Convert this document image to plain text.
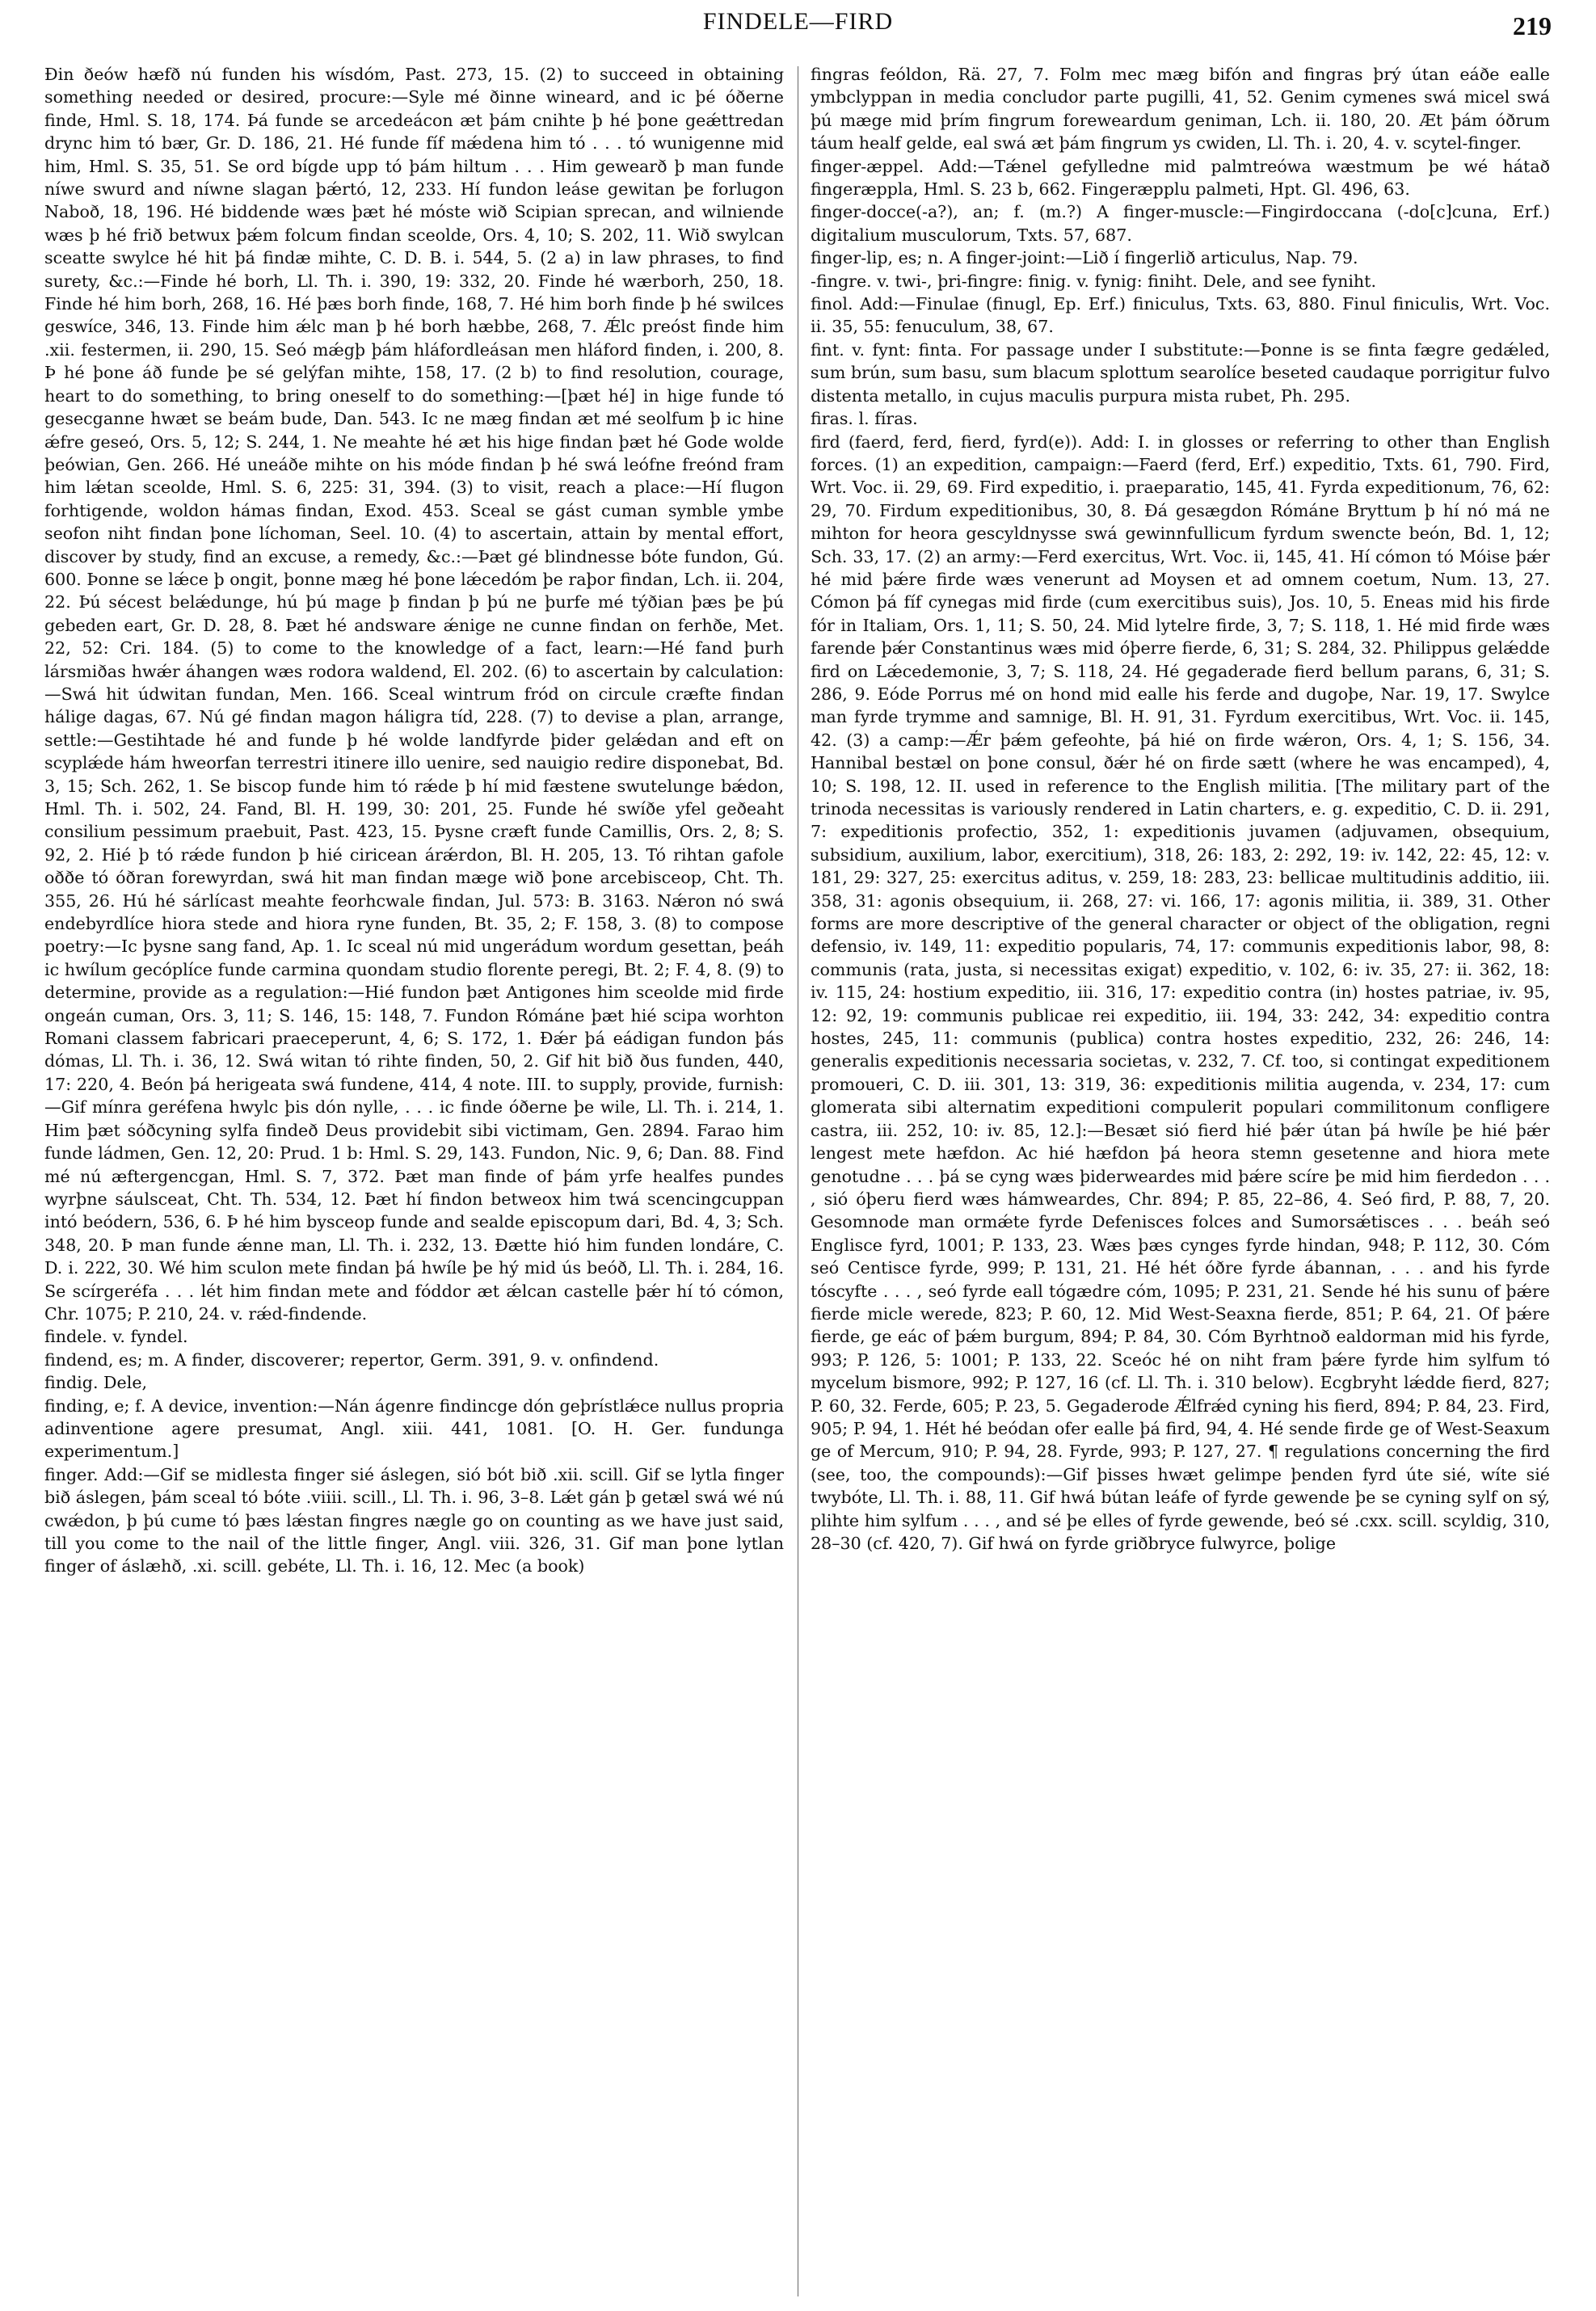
FINDELE—FIRD	219

Ðin ðeów hæfð nú funden his wísdóm, Past. 273, 15. (2) to succeed in obtaining something needed or desired, procure:—Syle mé ðinne wineard, and ic þé óðerne finde, Hml. S. 18, 174. Þá funde se arcedeácon æt þám cnihte þ hé þone geǽttredan drync him tó bær, Gr. D. 186, 21. Hé funde fíf mǽdena him tó . . . tó wunigenne mid him, Hml. S. 35, 51. Se ord bígde upp tó þám hiltum . . . Him gewearð þ man funde níwe swurd and níwne slagan þǽrtó, 12, 233. Hí fundon leáse gewitan þe forlugon Naboð, 18, 196. Hé biddende wæs þæt hé móste wið Scipian sprecan, and wilniende wæs þ hé frið betwux þǽm folcum findan sceolde, Ors. 4, 10; S. 202, 11. Wið swylcan sceatte swylce hé hit þá findæ mihte, C. D. B. i. 544, 5. (2 a) in law phrases, to find surety, &c.:—Finde hé borh, Ll. Th. i. 390, 19: 332, 20. Finde hé wærborh, 250, 18. Finde hé him borh, 268, 16. Hé þæs borh finde, 168, 7. Hé him borh finde þ hé swilces geswíce, 346, 13. Finde him ǽlc man þ hé borh hæbbe, 268, 7. Ǽlc preóst finde him .xii. festermen, ii. 290, 15. Seó mǽgþ þám hláfordleásan men hláford finden, i. 200, 8. Þ hé þone áð funde þe sé gelýfan mihte, 158, 17. (2 b) to find resolution, courage, heart to do something, to bring oneself to do something:—[þæt hé] in hige funde tó gesecganne hwæt se beám bude, Dan. 543. Ic ne mæg findan æt mé seolfum þ ic hine ǽfre geseó, Ors. 5, 12; S. 244, 1. Ne meahte hé æt his hige findan þæt hé Gode wolde þeówian, Gen. 266. Hé uneáðe mihte on his móde findan þ hé swá leófne freónd fram him lǽtan sceolde, Hml. S. 6, 225: 31, 394. (3) to visit, reach a place:—Hí flugon forhtigende, woldon hámas findan, Exod. 453. Sceal se gást cuman symble ymbe seofon niht findan þone líchoman, Seel. 10. (4) to ascertain, attain by mental effort, discover by study, find an excuse, a remedy, &c.:—Þæt gé blindnesse bóte fundon, Gú. 600. Þonne se lǽce þ ongit, þonne mæg hé þone lǽcedóm þe raþor findan, Lch. ii. 204, 22. Þú sécest belǽdunge, hú þú mage þ findan þ þú ne þurfe mé týðian þæs þe þú gebeden eart, Gr. D. 28, 8. Þæt hé andsware ǽnige ne cunne findan on ferhðe, Met. 22, 52: Cri. 184. (5) to come to the knowledge of a fact, learn:—Hé fand þurh lársmiðas hwǽr áhangen wæs rodora waldend, El. 202. (6) to ascertain by calculation:—Swá hit údwitan fundan, Men. 166. Sceal wintrum fród on circule cræfte findan hálige dagas, 67. Nú gé findan magon háligra tíd, 228. (7) to devise a plan, arrange, settle:—Gestihtade hé and funde þ hé wolde landfyrde þider gelǽdan and eft on scyplǽde hám hweorfan terrestri itinere illo uenire, sed nauigio redire disponebat, Bd. 3, 15; Sch. 262, 1. Se biscop funde him tó rǽde þ hí mid fæstene swutelunge bǽdon, Hml. Th. i. 502, 24. Fand, Bl. H. 199, 30: 201, 25. Funde hé swíðe yfel geðeaht consilium pessimum praebuit, Past. 423, 15. Þysne cræft funde Camillis, Ors. 2, 8; S. 92, 2. Hié þ tó rǽde fundon þ hié ciricean árǽrdon, Bl. H. 205, 13. Tó rihtan gafole oððe tó óðran forewyrdan, swá hit man findan mæge wið þone arcebisceop, Cht. Th. 355, 26. Hú hé sárlícast meahte feorhcwale findan, Jul. 573: B. 3163. Nǽron nó swá endebyrdlíce hiora stede and hiora ryne funden, Bt. 35, 2; F. 158, 3. (8) to compose poetry:—Ic þysne sang fand, Ap. 1. Ic sceal nú mid ungerádum wordum gesettan, þeáh ic hwílum gecóplíce funde carmina quondam studio florente peregi, Bt. 2; F. 4, 8. (9) to determine, provide as a regulation:—Hié fundon þæt Antigones him sceolde mid firde ongeán cuman, Ors. 3, 11; S. 146, 15: 148, 7. Fundon Rómáne þæt hié scipa worhton Romani classem fabricari praeceperunt, 4, 6; S. 172, 1. Ðǽr þá eádigan fundon þás dómas, Ll. Th. i. 36, 12. Swá witan tó rihte finden, 50, 2. Gif hit bið ðus funden, 440, 17: 220, 4. Beón þá herigeata swá fundene, 414, 4 note. III. to supply, provide, furnish:—Gif mínra geréfena hwylc þis dón nylle, . . . ic finde óðerne þe wile, Ll. Th. i. 214, 1. Him þæt sóðcyning sylfa findeð Deus providebit sibi victimam, Gen. 2894. Farao him funde ládmen, Gen. 12, 20: Prud. 1 b: Hml. S. 29, 143. Fundon, Nic. 9, 6; Dan. 88. Find mé nú æftergencgan, Hml. S. 7, 372. Þæt man finde of þám yrfe healfes pundes wyrþne sáulsceat, Cht. Th. 534, 12. Þæt hí findon betweox him twá scencingcuppan intó beódern, 536, 6. Þ hé him bysceop funde and sealde episcopum dari, Bd. 4, 3; Sch. 348, 20. Þ man funde ǽnne man, Ll. Th. i. 232, 13. Ðætte hió him funden londáre, C. D. i. 222, 30. Wé him sculon mete findan þá hwíle þe hý mid ús beóð, Ll. Th. i. 284, 16. Se scírgeréfa . . . lét him findan mete and fóddor æt ǽlcan castelle þǽr hí tó cómon, Chr. 1075; P. 210, 24. v. rǽd-findende.

findele. v. fyndel.

findend, es; m. A finder, discoverer; repertor, Germ. 391, 9. v. onfindend.

findig. Dele,

finding, e; f. A device, invention:—Nán ágenre findincge dón geþrístlǽce nullus propria adinventione agere presumat, Angl. xiii. 441, 1081. [O. H. Ger. fundunga experimentum.]

finger. Add:—Gif se midlesta finger sié áslegen, sió bót bið .xii. scill. Gif se lytla finger bið áslegen, þám sceal tó bóte .viiii. scill., Ll. Th. i. 96, 3–8. Lǽt gán þ getæl swá wé nú cwǽdon, þ þú cume tó þæs lǽstan fingres nægle go on counting as we have just said, till you come to the nail of the little finger, Angl. viii. 326, 31. Gif man þone lytlan finger of áslæhð, .xi. scill. gebéte, Ll. Th. i. 16, 12. Mec (a book)

fingras feóldon, Rä. 27, 7. Folm mec mæg bifón and fingras þrý útan eáðe ealle ymbclyppan in media concludor parte pugilli, 41, 52. Genim cymenes swá micel swá þú mæge mid þrím fingrum foreweardum geniman, Lch. ii. 180, 20. Æt þám óðrum táum healf gelde, eal swá æt þám fingrum ys cwiden, Ll. Th. i. 20, 4. v. scytel-finger.

finger-æppel. Add:—Tǽnel gefylledne mid palmtreówa wæstmum þe wé hátað fingeræppla, Hml. S. 23 b, 662. Fingeræpplu palmeti, Hpt. Gl. 496, 63.

finger-docce(-a?), an; f. (m.?) A finger-muscle:—Fingirdoccana (-do[c]cuna, Erf.) digitalium musculorum, Txts. 57, 687.

finger-lip, es; n. A finger-joint:—Lið í fingerlið articulus, Nap. 79.

-fingre. v. twi-, þri-fingre: finig. v. fynig: finiht. Dele, and see fyniht.

finol. Add:—Finulae (finugl, Ep. Erf.) finiculus, Txts. 63, 880. Finul finiculis, Wrt. Voc. ii. 35, 55: fenuculum, 38, 67.

fint. v. fynt: finta. For passage under I substitute:—Þonne is se finta fægre gedǽled, sum brún, sum basu, sum blacum splottum searolíce beseted caudaque porrigitur fulvo distenta metallo, in cujus maculis purpura mista rubet, Ph. 295.

firas. l. fíras.

fird (faerd, ferd, fierd, fyrd(e)). Add: I. in glosses or referring to other than English forces. (1) an expedition, campaign:—Faerd (ferd, Erf.) expeditio, Txts. 61, 790. Fird, Wrt. Voc. ii. 29, 69. Fird expeditio, i. praeparatio, 145, 41. Fyrda expeditionum, 76, 62: 29, 70. Firdum expeditionibus, 30, 8. Ðá gesægdon Rómáne Bryttum þ hí nó má ne mihton for heora gescyldnysse swá gewinnfullicum fyrdum swencte beón, Bd. 1, 12; Sch. 33, 17. (2) an army:—Ferd exercitus, Wrt. Voc. ii, 145, 41. Hí cómon tó Móise þǽr hé mid þǽre firde wæs venerunt ad Moysen et ad omnem coetum, Num. 13, 27. Cómon þá fíf cynegas mid firde (cum exercitibus suis), Jos. 10, 5. Eneas mid his firde fór in Italiam, Ors. 1, 11; S. 50, 24. Mid lytelre firde, 3, 7; S. 118, 1. Hé mid firde wæs farende þǽr Constantinus wæs mid óþerre fierde, 6, 31; S. 284, 32. Philippus gelǽdde fird on Lǽcedemonie, 3, 7; S. 118, 24. Hé gegaderade fierd bellum parans, 6, 31; S. 286, 9. Eóde Porrus mé on hond mid ealle his ferde and dugoþe, Nar. 19, 17. Swylce man fyrde trymme and samnige, Bl. H. 91, 31. Fyrdum exercitibus, Wrt. Voc. ii. 145, 42. (3) a camp:—Ǽr þǽm gefeohte, þá hié on firde wǽron, Ors. 4, 1; S. 156, 34. Hannibal bestæl on þone consul, ðǽr hé on firde sætt (where he was encamped), 4, 10; S. 198, 12. II. used in reference to the English militia. [The military part of the trinoda necessitas is variously rendered in Latin charters, e. g. expeditio, C. D. ii. 291, 7: expeditionis profectio, 352, 1: expeditionis juvamen (adjuvamen, obsequium, subsidium, auxilium, labor, exercitium), 318, 26: 183, 2: 292, 19: iv. 142, 22: 45, 12: v. 181, 29: 327, 25: exercitus aditus, v. 259, 18: 283, 23: bellicae multitudinis additio, iii. 358, 31: agonis obsequium, ii. 268, 27: vi. 166, 17: agonis militia, ii. 389, 31. Other forms are more descriptive of the general character or object of the obligation, regni defensio, iv. 149, 11: expeditio popularis, 74, 17: communis expeditionis labor, 98, 8: communis (rata, justa, si necessitas exigat) expeditio, v. 102, 6: iv. 35, 27: ii. 362, 18: iv. 115, 24: hostium expeditio, iii. 316, 17: expeditio contra (in) hostes patriae, iv. 95, 12: 92, 19: communis publicae rei expeditio, iii. 194, 33: 242, 34: expeditio contra hostes, 245, 11: communis (publica) contra hostes expeditio, 232, 26: 246, 14: generalis expeditionis necessaria societas, v. 232, 7. Cf. too, si contingat expeditionem promoueri, C. D. iii. 301, 13: 319, 36: expeditionis militia augenda, v. 234, 17: cum glomerata sibi alternatim expeditioni compulerit populari commilitonum confligere castra, iii. 252, 10: iv. 85, 12.]:—Besæt sió fierd hié þǽr útan þá hwíle þe hié þǽr lengest mete hæfdon. Ac hié hæfdon þá heora stemn gesetenne and hiora mete genotudne . . . þá se cyng wæs þiderweardes mid þǽre scíre þe mid him fierdedon . . . , sió óþeru fierd wæs hámweardes, Chr. 894; P. 85, 22–86, 4. Seó fird, P. 88, 7, 20. Gesomnode man ormǽte fyrde Defenisces folces and Sumorsǽtisces . . . beáh seó Englisce fyrd, 1001; P. 133, 23. Wæs þæs cynges fyrde hindan, 948; P. 112, 30. Cóm seó Centisce fyrde, 999; P. 131, 21. Hé hét óðre fyrde ábannan, . . . and his fyrde tóscyfte . . . , seó fyrde eall tógædre cóm, 1095; P. 231, 21. Sende hé his sunu of þǽre fierde micle werede, 823; P. 60, 12. Mid West-Seaxna fierde, 851; P. 64, 21. Of þǽre fierde, ge eác of þǽm burgum, 894; P. 84, 30. Cóm Byrhtnoð ealdorman mid his fyrde, 993; P. 126, 5: 1001; P. 133, 22. Sceóc hé on niht fram þǽre fyrde him sylfum tó mycelum bismore, 992; P. 127, 16 (cf. Ll. Th. i. 310 below). Ecgbryht lǽdde fierd, 827; P. 60, 32. Ferde, 605; P. 23, 5. Gegaderode Ǽlfrǽd cyning his fierd, 894; P. 84, 23. Fird, 905; P. 94, 1. Hét hé beódan ofer ealle þá fird, 94, 4. Hé sende firde ge of West-Seaxum ge of Mercum, 910; P. 94, 28. Fyrde, 993; P. 127, 27. ¶ regulations concerning the fird (see, too, the compounds):—Gif þisses hwæt gelimpe þenden fyrd úte sié, wíte sié twybóte, Ll. Th. i. 88, 11. Gif hwá bútan leáfe of fyrde gewende þe se cyning sylf on sý, plihte him sylfum . . . , and sé þe elles of fyrde gewende, beó sé .cxx. scill. scyldig, 310, 28–30 (cf. 420, 7). Gif hwá on fyrde griðbryce fulwyrce, þolige
